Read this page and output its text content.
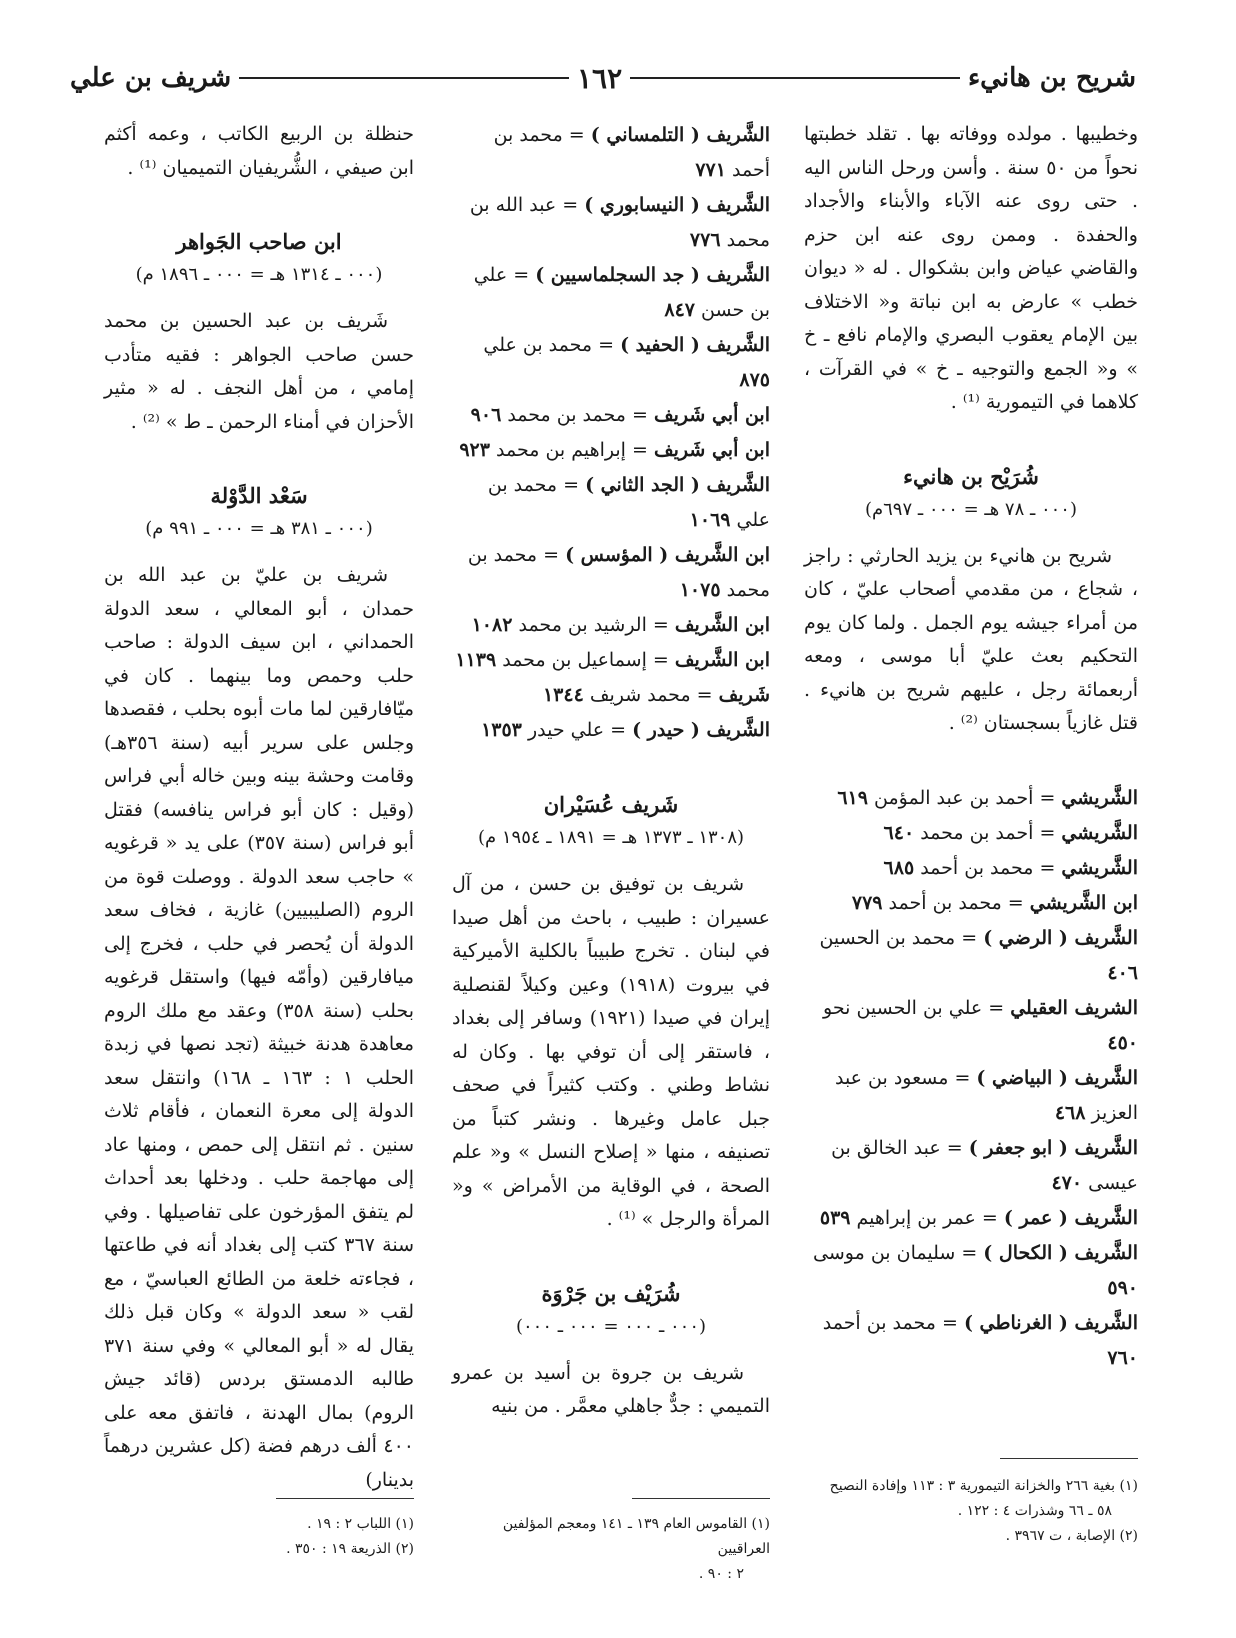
شريح بن هانيء
١٦٢
شريف بن علي

وخطيبها . مولده ووفاته بها . تقلد خطبتها نحواً من ٥٠ سنة . وأسن ورحل الناس اليه . حتى روى عنه الآباء والأبناء والأجداد والحفدة . وممن روى عنه ابن حزم والقاضي عياض وابن بشكوال . له « ديوان خطب » عارض به ابن نباتة و« الاختلاف بين الإمام يعقوب البصري والإمام نافع ـ خ » و« الجمع والتوجيه ـ خ » في القرآت ، كلاهما في التيمورية ⁽¹⁾ .

شُرَيْح بن هانيء

(٠٠٠ ـ ٧٨ هـ = ٠٠٠ ـ ٦٩٧م)

شريح بن هانيء بن يزيد الحارثي : راجز ، شجاع ، من مقدمي أصحاب عليّ ، كان من أمراء جيشه يوم الجمل . ولما كان يوم التحكيم بعث عليّ أبا موسى ، ومعه أربعمائة رجل ، عليهم شريح بن هانيء . قتل غازياً بسجستان ⁽²⁾ .

الشَّريشي = أحمد بن عبد المؤمن ٦١٩

الشَّريشي = أحمد بن محمد ٦٤٠

الشَّريشي = محمد بن أحمد ٦٨٥

ابن الشَّريشي = محمد بن أحمد ٧٧٩

الشَّريف ( الرضي ) = محمد بن الحسين ٤٠٦

الشريف العقيلي = علي بن الحسين نحو ٤٥٠

الشَّريف ( البياضي ) = مسعود بن عبد العزيز ٤٦٨

الشَّريف ( ابو جعفر ) = عبد الخالق بن عيسى ٤٧٠

الشَّريف ( عمر ) = عمر بن إبراهيم ٥٣٩

الشَّريف ( الكحال ) = سليمان بن موسى ٥٩٠

الشَّريف ( الغرناطي ) = محمد بن أحمد ٧٦٠

الشَّريف ( التلمساني ) = محمد بن أحمد ٧٧١

الشَّريف ( النيسابوري ) = عبد الله بن محمد ٧٧٦

الشَّريف ( جد السجلماسيين ) = علي بن حسن ٨٤٧

الشَّريف ( الحفيد ) = محمد بن علي ٨٧٥

ابن أبي شَريف = محمد بن محمد ٩٠٦

ابن أبي شَريف = إبراهيم بن محمد ٩٢٣

الشَّريف ( الجد الثاني ) = محمد بن علي ١٠٦٩

ابن الشَّريف ( المؤسس ) = محمد بن محمد ١٠٧٥

ابن الشَّريف = الرشيد بن محمد ١٠٨٢

ابن الشَّريف = إسماعيل بن محمد ١١٣٩

شَريف = محمد شريف ١٣٤٤

الشَّريف ( حيدر ) = علي حيدر ١٣٥٣

شَريف عُسَيْران

(١٣٠٨ ـ ١٣٧٣ هـ = ١٨٩١ ـ ١٩٥٤ م)

شريف بن توفيق بن حسن ، من آل عسيران : طبيب ، باحث من أهل صيدا في لبنان . تخرج طبيباً بالكلية الأميركية في بيروت (١٩١٨) وعين وكيلاً لقنصلية إيران في صيدا (١٩٢١) وسافر إلى بغداد ، فاستقر إلى أن توفي بها . وكان له نشاط وطني . وكتب كثيراً في صحف جبل عامل وغيرها . ونشر كتباً من تصنيفه ، منها « إصلاح النسل » و« علم الصحة ، في الوقاية من الأمراض » و« المرأة والرجل » ⁽¹⁾ .

شُرَيْف بن جَرْوَة

(٠٠٠ ـ ٠٠٠ = ٠٠٠ ـ ٠٠٠)

شريف بن جروة بن أسيد بن عمرو التميمي : جدٌّ جاهلي معمَّر . من بنيه

حنظلة بن الربيع الكاتب ، وعمه أكثم ابن صيفي ، الشُّريفيان التميميان ⁽¹⁾ .

ابن صاحب الجَواهر

(٠٠٠ ـ ١٣١٤ هـ = ٠٠٠ ـ ١٨٩٦ م)

شَريف بن عبد الحسين بن محمد حسن صاحب الجواهر : فقيه متأدب إمامي ، من أهل النجف . له « مثير الأحزان في أمناء الرحمن ـ ط » ⁽²⁾ .

سَعْد الدَّوْلة

(٠٠٠ ـ ٣٨١ هـ = ٠٠٠ ـ ٩٩١ م)

شريف بن عليّ بن عبد الله بن حمدان ، أبو المعالي ، سعد الدولة الحمداني ، ابن سيف الدولة : صاحب حلب وحمص وما بينهما . كان في ميّافارقين لما مات أبوه بحلب ، فقصدها وجلس على سرير أبيه (سنة ٣٥٦هـ) وقامت وحشة بينه وبين خاله أبي فراس (وقيل : كان أبو فراس ينافسه) فقتل أبو فراس (سنة ٣٥٧) على يد « قرغويه » حاجب سعد الدولة . ووصلت قوة من الروم (الصليبيين) غازية ، فخاف سعد الدولة أن يُحصر في حلب ، فخرج إلى ميافارقين (وأمّه فيها) واستقل قرغويه بحلب (سنة ٣٥٨) وعقد مع ملك الروم معاهدة هدنة خبيثة (تجد نصها في زبدة الحلب ١ : ١٦٣ ـ ١٦٨) وانتقل سعد الدولة إلى معرة النعمان ، فأقام ثلاث سنين . ثم انتقل إلى حمص ، ومنها عاد إلى مهاجمة حلب . ودخلها بعد أحداث لم يتفق المؤرخون على تفاصيلها . وفي سنة ٣٦٧ كتب إلى بغداد أنه في طاعتها ، فجاءته خلعة من الطائع العباسيّ ، مع لقب « سعد الدولة » وكان قبل ذلك يقال له « أبو المعالي » وفي سنة ٣٧١ طالبه الدمستق بردس (قائد جيش الروم) بمال الهدنة ، فاتفق معه على ٤٠٠ ألف درهم فضة (كل عشرين درهماً بدينار)	(١) بغية ٢٦٦ والخزانة التيمورية ٣ : ١١٣ وإفادة النصيح

٥٨ ـ ٦٦ وشذرات ٤ : ١٢٢ .

(٢) الإصابة ، ت ٣٩٦٧ .

(١) القاموس العام ١٣٩ ـ ١٤١ ومعجم المؤلفين العراقيين

٢ : ٩٠ .

(١) اللباب ٢ : ١٩ .

(٢) الذريعة ١٩ : ٣٥٠ .
